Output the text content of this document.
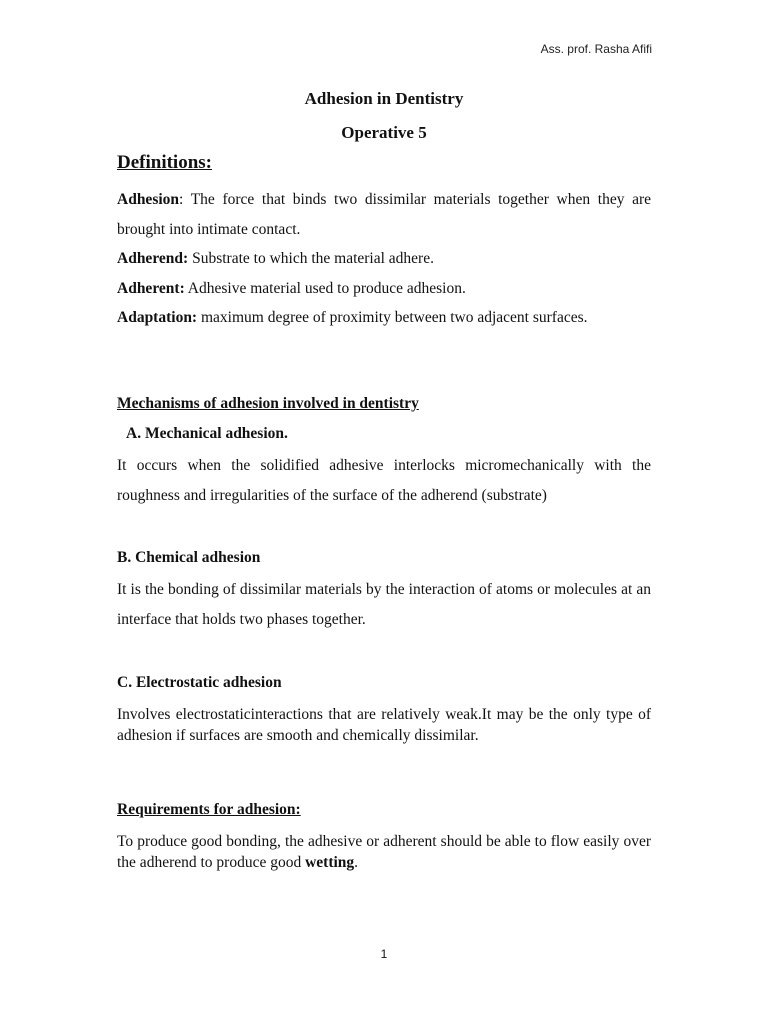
Ass. prof. Rasha Afifi
Adhesion in Dentistry
Operative 5
Definitions:

Adhesion: The force that binds two dissimilar materials together when they are brought into intimate contact.

Adherend: Substrate to which the material adhere.

Adherent: Adhesive material used to produce adhesion.

Adaptation: maximum degree of proximity between two adjacent surfaces.

Mechanisms of adhesion involved in dentistry
A. Mechanical adhesion.
It occurs when the solidified adhesive interlocks micromechanically with the roughness and irregularities of the surface of the adherend (substrate)
B. Chemical adhesion
It is the bonding of dissimilar materials by the interaction of atoms or molecules at an interface that holds two phases together.
C. Electrostatic adhesion
Involves electrostaticinteractions that are relatively weak.It may be the only type of adhesion if surfaces are smooth and chemically dissimilar.
Requirements for adhesion:
To produce good bonding, the adhesive or adherent should be able to flow easily over the adherend to produce good wetting.
1
